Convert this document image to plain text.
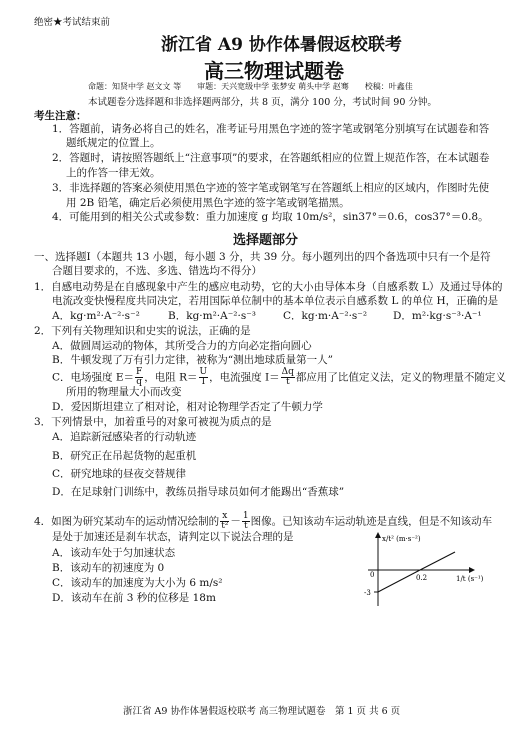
绝密★考试结束前
浙江省 A9 协作体暑假返校联考
高三物理试题卷
命题：知贤中学 赵文文 等　　审题：天兴宽级中学 张梦安 萌头中学 赵骞　　校稿：叶鑫佳
本试题卷分选择题和非选择题两部分，共 8 页，满分 100 分，考试时间 90 分钟。
考生注意：
1．答题前，请务必将自己的姓名，准考证号用黑色字迹的签字笔或钢笔分别填写在试题卷和答
题纸规定的位置上。
2．答题时，请按照答题纸上“注意事项”的要求，在答题纸相应的位置上规范作答，在本试题卷
上的作答一律无效。
3．非选择题的答案必须使用黑色字迹的签字笔或钢笔写在答题纸上相应的区域内，作图时先使
用 2B 铅笔，确定后必须使用黑色字迹的签字笔或钢笔描黑。
4．可能用到的相关公式或参数：重力加速度 g 均取 10m/s²，sin37°＝0.6，cos37°＝0.8。
选择题部分
一、选择题Ⅰ（本题共 13 小题，每小题 3 分，共 39 分。每小题列出的四个备选项中只有一个是符
合题目要求的，不选、多选、错选均不得分）
1．自感电动势是在自感现象中产生的感应电动势，它的大小由导体本身（自感系数 L）及通过导体的
电流改变快慢程度共同决定，若用国际单位制中的基本单位表示自感系数 L 的单位 H，正确的是
A．kg·m²·A⁻²·s⁻²	B．kg·m²·A⁻²·s⁻³	C．kg·m·A⁻²·s⁻² D．m²·kg·s⁻³·A⁻¹
2．下列有关物理知识和史实的说法，正确的是
A．做圆周运动的物体，其所受合力的方向必定指向圆心
B．牛顿发现了万有引力定律，被称为“测出地球质量第一人”
C．电场强度 $E= \frac{F}{q}$ ，电阻 $R= \frac{U}{I}$ ，电流强度 $I= \frac{\Delta q}{t}$ 都应用了比值定义法，定义的物理量不随定义
所用的物理量大小而改变
D．爱因斯坦建立了相对论，相对论物理学否定了牛顿力学
3．下列情景中，加着重号的对象可被视为质点的是
A．追踪新冠感染者的行动轨迹
B．研究正在吊起货物的起重机
C．研究地球的昼夜交替规律
D．在足球射门训练中，教练员指导球员如何才能踢出“香蕉球”
4．如图为研究某动车的运动情况绘制的 $\frac{x}{\text{t²}} - \frac{1}{t}$ 图像。已知该动车运动轨迹是直线，但是不知该动车
是处于加速还是刹车状态，请判定以下说法合理的是
A．该动车处于匀加速状态
B．该动车的初速度为 0
C．该动车的加速度为大小为 6 m/s²
D．该动车在前 3 秒的位移是 18m
x/t² (m·s⁻²)
1/t (s⁻¹)
0	0.2
-3
浙江省 A9 协作体暑假返校联考 高三物理试题卷　第 1 页 共 6 页
